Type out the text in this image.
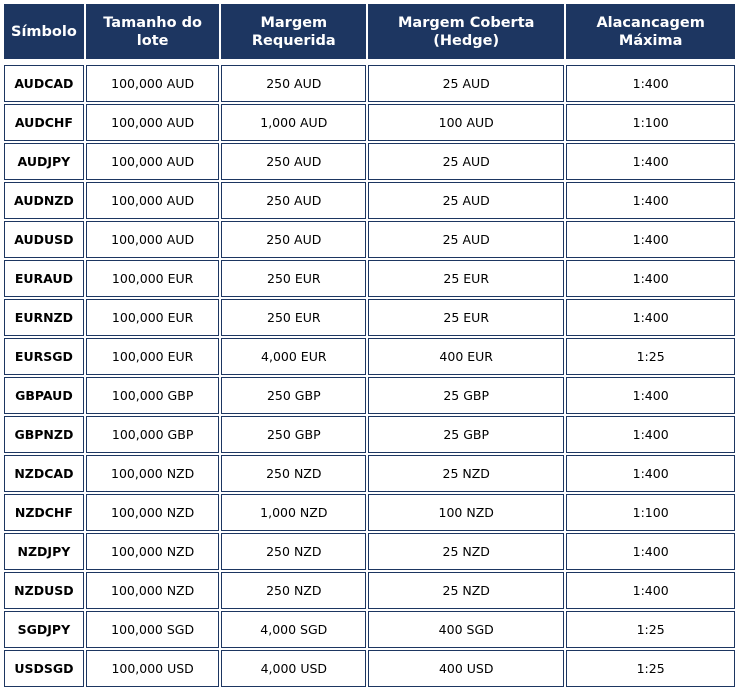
Símbolo	Tamanho do lote	Margem Requerida	Margem Coberta (Hedge)	Alacancagem Máxima

AUDCAD	100,000 AUD	250 AUD	25 AUD	1:400
AUDCHF	100,000 AUD	1,000 AUD	100 AUD	1:100
AUDJPY	100,000 AUD	250 AUD	25 AUD	1:400
AUDNZD	100,000 AUD	250 AUD	25 AUD	1:400
AUDUSD	100,000 AUD	250 AUD	25 AUD	1:400
EURAUD	100,000 EUR	250 EUR	25 EUR	1:400
EURNZD	100,000 EUR	250 EUR	25 EUR	1:400
EURSGD	100,000 EUR	4,000 EUR	400 EUR	1:25
GBPAUD	100,000 GBP	250 GBP	25 GBP	1:400
GBPNZD	100,000 GBP	250 GBP	25 GBP	1:400
NZDCAD	100,000 NZD	250 NZD	25 NZD	1:400
NZDCHF	100,000 NZD	1,000 NZD	100 NZD	1:100
NZDJPY	100,000 NZD	250 NZD	25 NZD	1:400
NZDUSD	100,000 NZD	250 NZD	25 NZD	1:400
SGDJPY	100,000 SGD	4,000 SGD	400 SGD	1:25
USDSGD	100,000 USD	4,000 USD	400 USD	1:25
